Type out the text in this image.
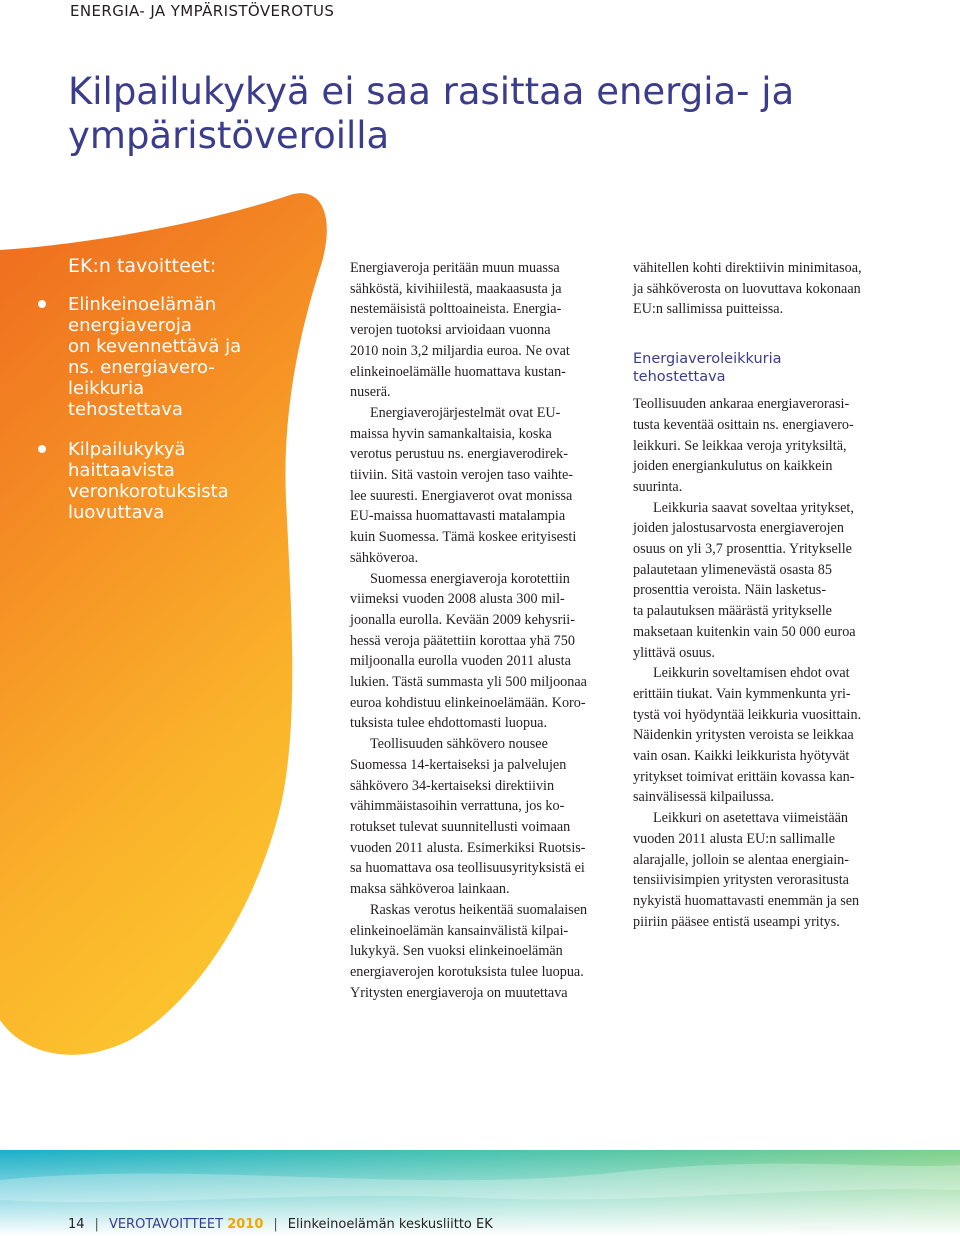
ENERGIA- JA YMPÄRISTÖVEROTUS
Kilpailukykyä ei saa rasittaa energia- ja
ympäristöveroilla
EK:n tavoitteet:
Elinkeinoelämän
energiaveroja
on kevennettävä ja
ns. energiavero-
leikkuria
tehostettava
Kilpailukykyä
haittaavista
veronkorotuksista
luovuttava

Energiaveroja peritään muun muassa
sähköstä, kivihiilestä, maakaasusta ja
nestemäisistä polttoaineista. Energia-
verojen tuotoksi arvioidaan vuonna
2010 noin 3,2 miljardia euroa. Ne ovat
elinkeinoelämälle huomattava kustan-
nuserä.

Energiaverojärjestelmät ovat EU-
maissa hyvin samankaltaisia, koska
verotus perustuu ns. energiaverodirek-
tiiviin. Sitä vastoin verojen taso vaihte-
lee suuresti. Energiaverot ovat monissa
EU-maissa huomattavasti matalampia
kuin Suomessa. Tämä koskee erityisesti
sähköveroa.

Suomessa energiaveroja korotettiin
viimeksi vuoden 2008 alusta 300 mil-
joonalla eurolla. Kevään 2009 kehysrii-
hessä veroja päätettiin korottaa yhä 750
miljoonalla eurolla vuoden 2011 alusta
lukien. Tästä summasta yli 500 miljoonaa
euroa kohdistuu elinkeinoelämään. Koro-
tuksista tulee ehdottomasti luopua.

Teollisuuden sähkövero nousee
Suomessa 14-kertaiseksi ja palvelujen
sähkövero 34-kertaiseksi direktiivin
vähimmäistasoihin verrattuna, jos ko-
rotukset tulevat suunnitellusti voimaan
vuoden 2011 alusta. Esimerkiksi Ruotsis-
sa huomattava osa teollisuusyrityksistä ei
maksa sähköveroa lainkaan.

Raskas verotus heikentää suomalaisen
elinkeinoelämän kansainvälistä kilpai-
lukykyä. Sen vuoksi elinkeinoelämän
energiaverojen korotuksista tulee luopua.
Yritysten energiaveroja on muutettava

vähitellen kohti direktiivin minimitasoa,
ja sähköverosta on luovuttava kokonaan
EU:n sallimissa puitteissa.

Energiaveroleikkuria
tehostettava

Teollisuuden ankaraa energiaverorasi-
tusta keventää osittain ns. energiavero-
leikkuri. Se leikkaa veroja yrityksiltä,
joiden energiankulutus on kaikkein
suurinta.

Leikkuria saavat soveltaa yritykset,
joiden jalostusarvosta energiaverojen
osuus on yli 3,7 prosenttia. Yritykselle
palautetaan ylimenevästä osasta 85
prosenttia veroista. Näin lasketus-
ta palautuksen määrästä yritykselle
maksetaan kuitenkin vain 50 000 euroa
ylittävä osuus.

Leikkurin soveltamisen ehdot ovat
erittäin tiukat. Vain kymmenkunta yri-
tystä voi hyödyntää leikkuria vuosittain.
Näidenkin yritysten veroista se leikkaa
vain osan. Kaikki leikkurista hyötyvät
yritykset toimivat erittäin kovassa kan-
sainvälisessä kilpailussa.

Leikkuri on asetettava viimeistään
vuoden 2011 alusta EU:n sallimalle
alarajalle, jolloin se alentaa energiain-
tensiivisimpien yritysten verorasitusta
nykyistä huomattavasti enemmän ja sen
piiriin pääsee entistä useampi yritys.

14 | VEROTAVOITTEET 2010 | Elinkeinoelämän keskusliitto EK
